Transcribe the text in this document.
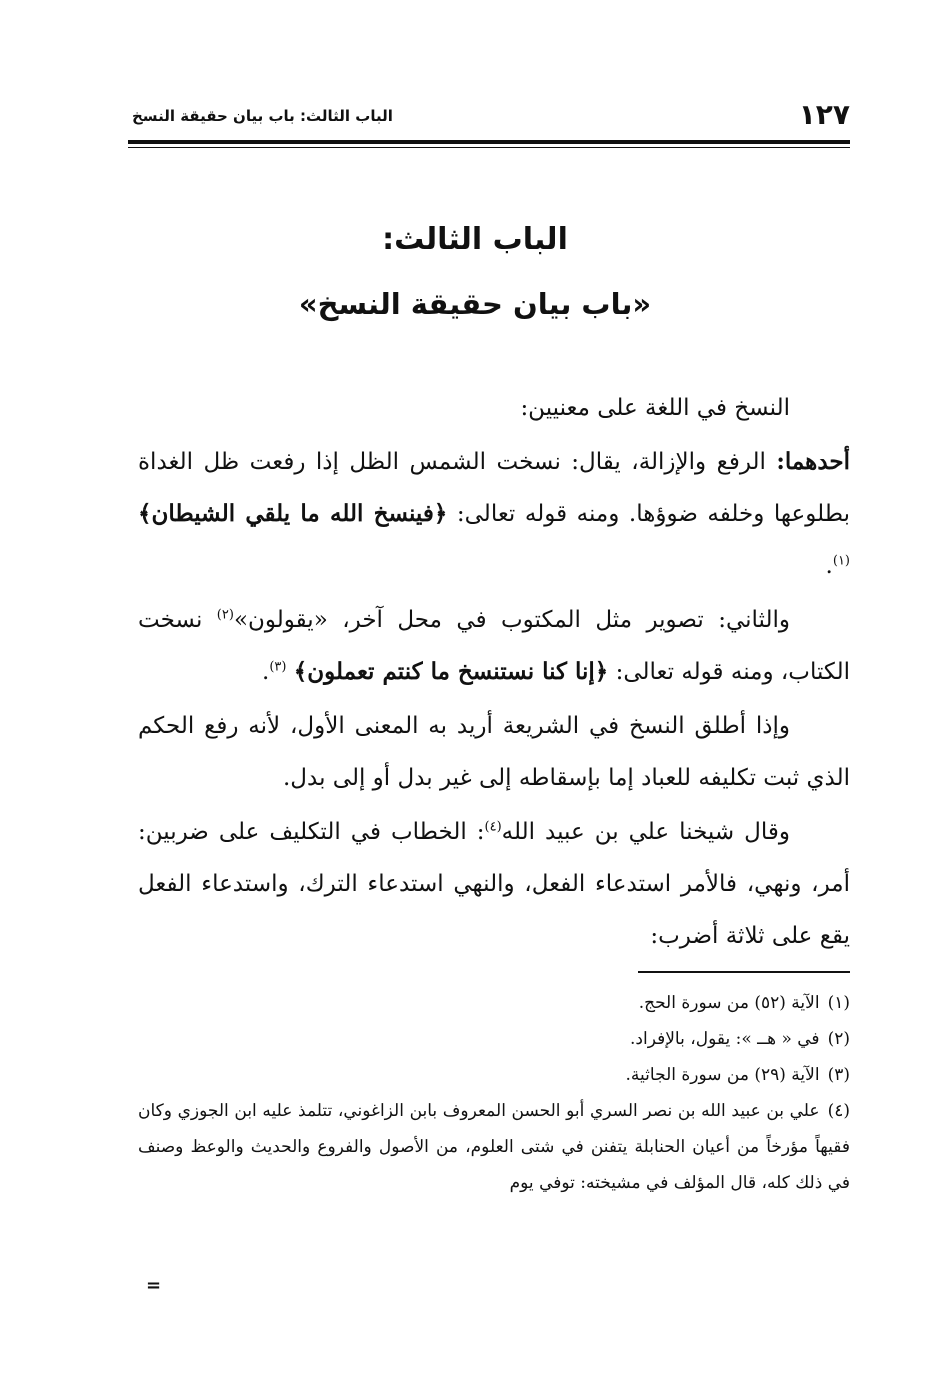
١٢٧
الباب الثالث: باب بيان حقيقة النسخ
الباب الثالث:
«باب بيان حقيقة النسخ»

النسخ في اللغة على معنيين:

أحدهما: الرفع والإزالة، يقال: نسخت الشمس الظل إذا رفعت ظل الغداة بطلوعها وخلفه ضوؤها. ومنه قوله تعالى: ﴿فينسخ الله ما يلقي الشيطان﴾ $^{(١)}$.

والثاني: تصوير مثل المكتوب في محل آخر، «يقولون»$^{(٢)}$ نسخت الكتاب، ومنه قوله تعالى: ﴿إنا كنا نستنسخ ما كنتم تعملون﴾ $^{(٣)}$.

وإذا أطلق النسخ في الشريعة أريد به المعنى الأول، لأنه رفع الحكم الذي ثبت تكليفه للعباد إما بإسقاطه إلى غير بدل أو إلى بدل.

وقال شيخنا علي بن عبيد الله$^{(٤)}$: الخطاب في التكليف على ضربين: أمر، ونهي، فالأمر استدعاء الفعل، والنهي استدعاء الترك، واستدعاء الفعل يقع على ثلاثة أضرب:

(١)الآية (٥٢) من سورة الحج.

(٢)في « هــ »: يقول، بالإفراد.

(٣)الآية (٢٩) من سورة الجاثية.

(٤)علي بن عبيد الله بن نصر السري أبو الحسن المعروف بابن الزاغوني، تتلمذ عليه ابن الجوزي وكان فقيهاً مؤرخاً من أعيان الحنابلة يتفنن في شتى العلوم، من الأصول والفروع والحديث والوعظ وصنف في ذلك كله، قال المؤلف في مشيخته: توفي يوم

=
